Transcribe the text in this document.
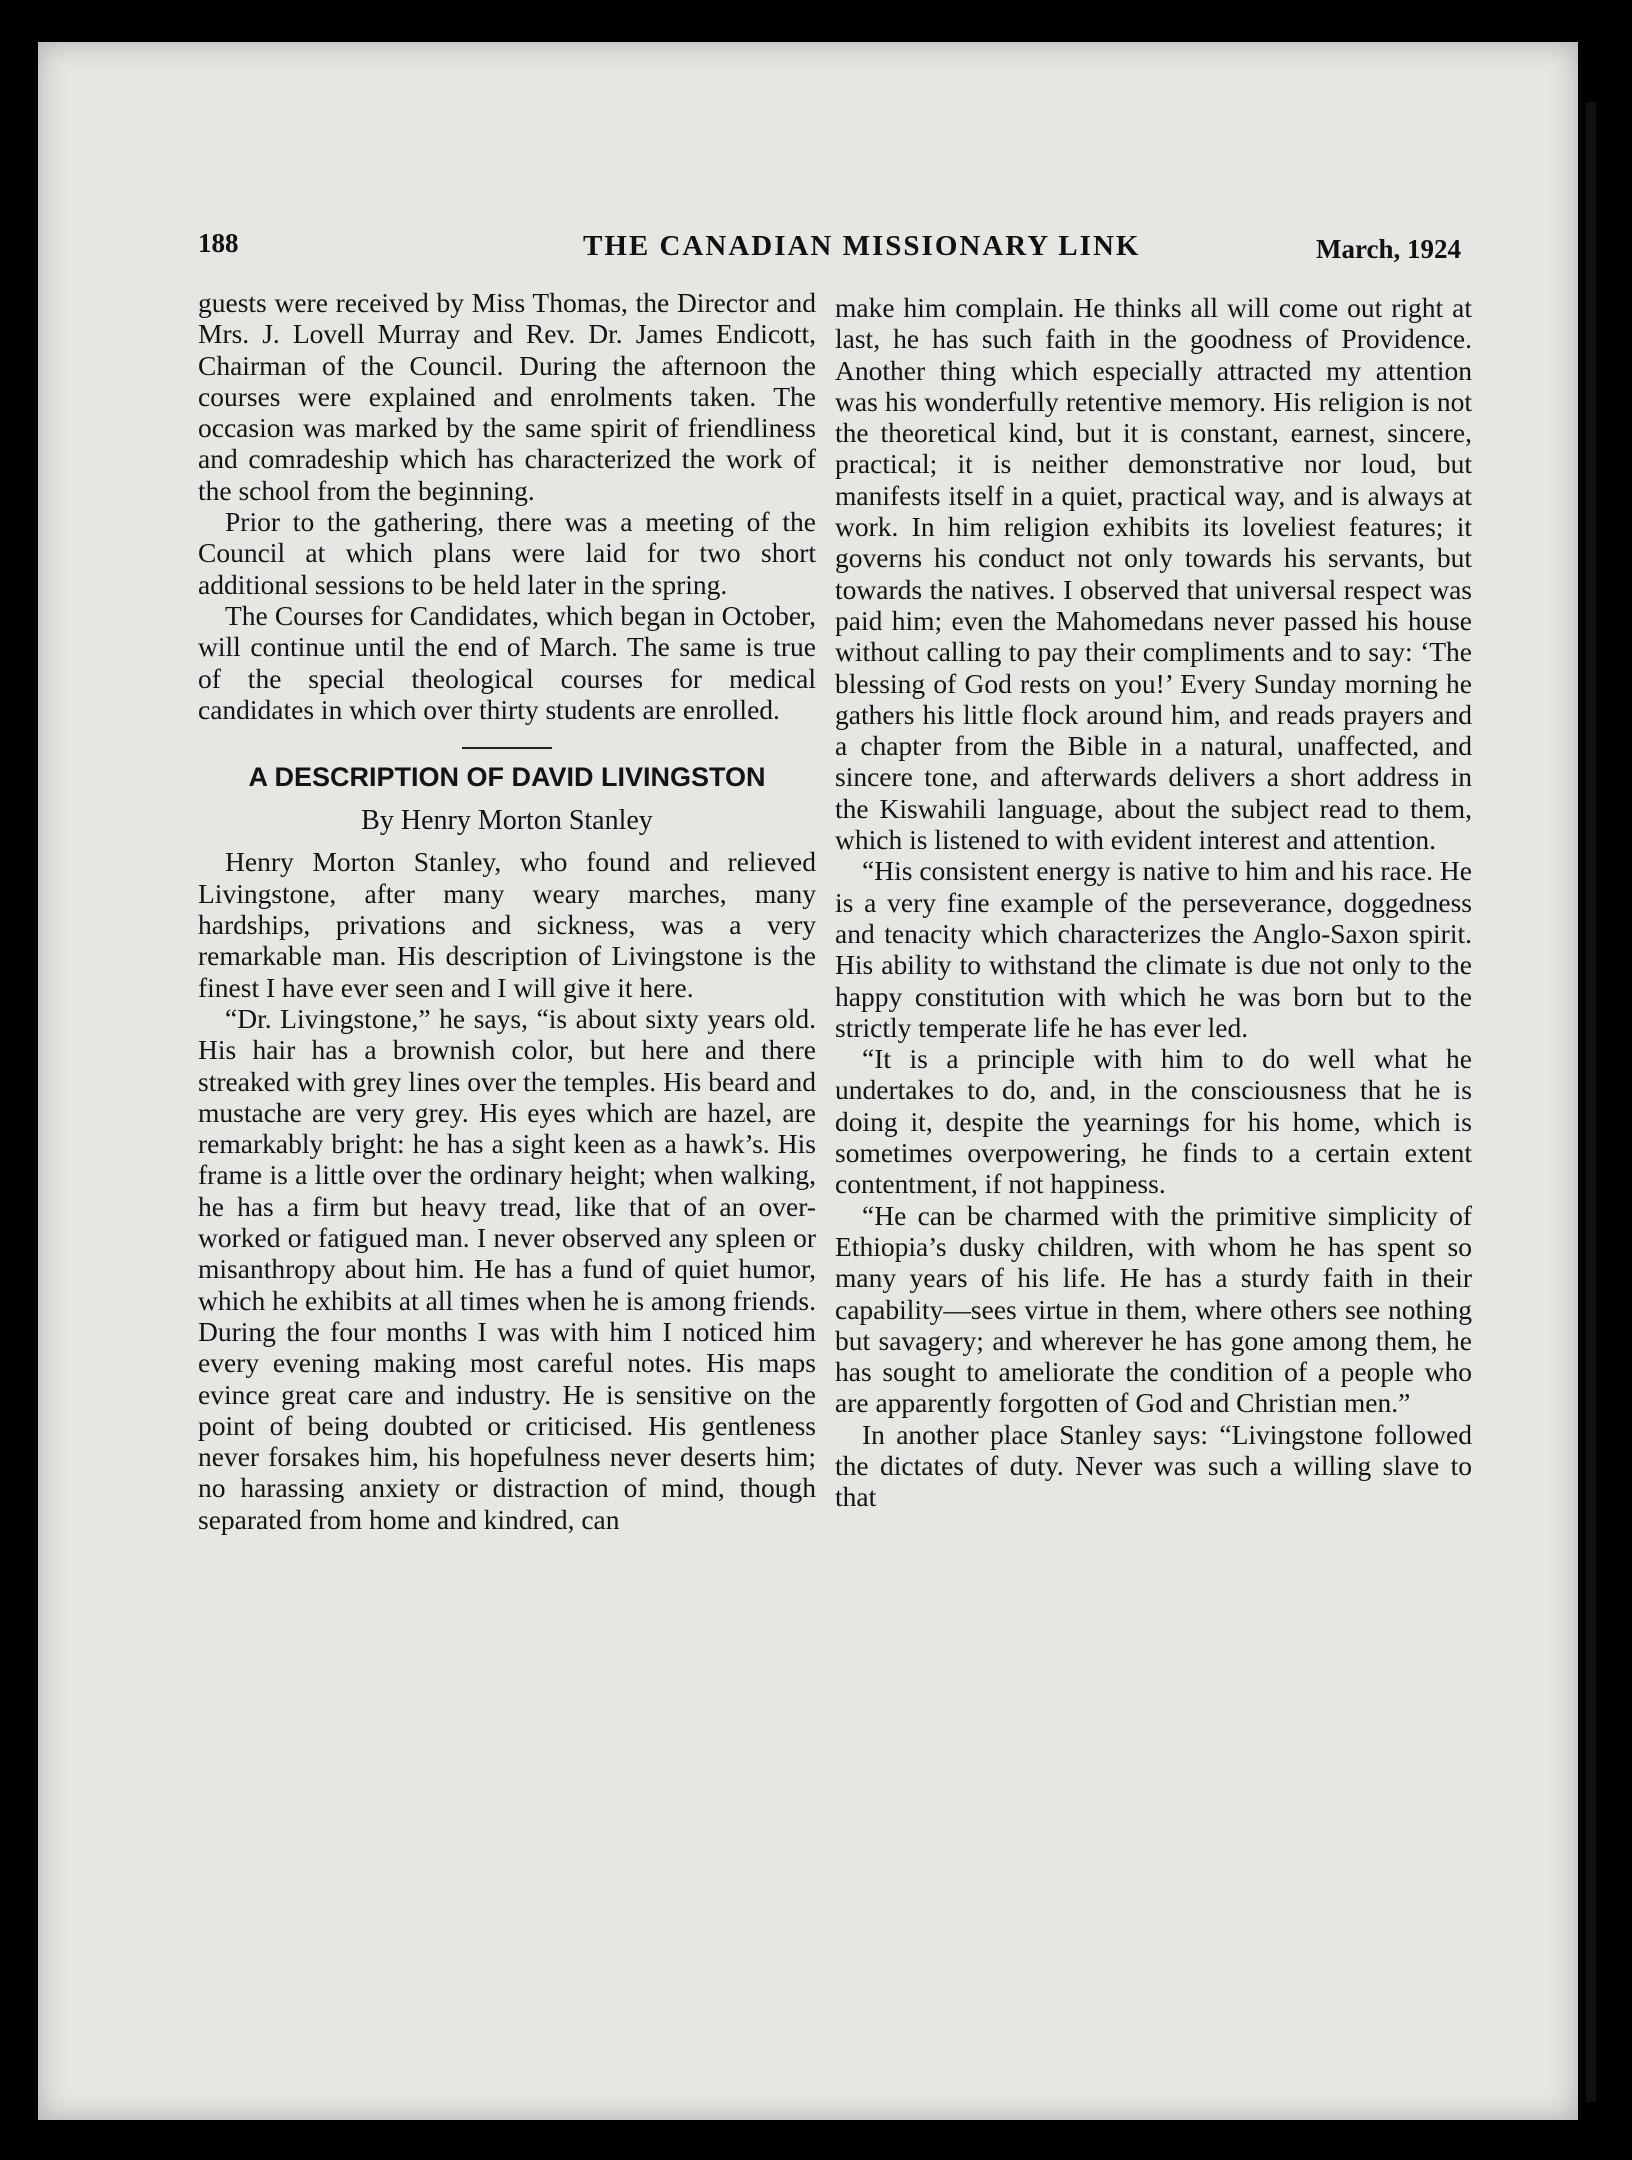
188	THE CANADIAN MISSIONARY LINK	March, 1924

guests were received by Miss Thomas, the Director and Mrs. J. Lovell Murray and Rev. Dr. James Endicott, Chairman of the Council. During the afternoon the courses were explained and enrolments taken. The occasion was marked by the same spirit of friendliness and comradeship which has characterized the work of the school from the beginning.

Prior to the gathering, there was a meeting of the Council at which plans were laid for two short additional sessions to be held later in the spring.

The Courses for Candidates, which began in October, will continue until the end of March. The same is true of the special theological courses for medical candidates in which over thirty students are enrolled.

A DESCRIPTION OF DAVID LIVINGSTON
By Henry Morton Stanley

Henry Morton Stanley, who found and relieved Livingstone, after many weary marches, many hardships, privations and sickness, was a very remarkable man. His description of Livingstone is the finest I have ever seen and I will give it here.

“Dr. Livingstone,” he says, “is about sixty years old. His hair has a brownish color, but here and there streaked with grey lines over the temples. His beard and mustache are very grey. His eyes which are hazel, are remarkably bright: he has a sight keen as a hawk’s. His frame is a little over the ordinary height; when walking, he has a firm but heavy tread, like that of an over-worked or fatigued man. I never observed any spleen or misanthropy about him. He has a fund of quiet humor, which he exhibits at all times when he is among friends. During the four months I was with him I noticed him every evening making most careful notes. His maps evince great care and industry. He is sensitive on the point of being doubted or criticised. His gentleness never forsakes him, his hopefulness never deserts him; no harassing anxiety or distraction of mind, though separated from home and kindred, can

make him complain. He thinks all will come out right at last, he has such faith in the goodness of Providence. Another thing which especially attracted my attention was his wonderfully retentive memory. His religion is not the theoretical kind, but it is constant, earnest, sincere, practical; it is neither demonstrative nor loud, but manifests itself in a quiet, practical way, and is always at work. In him religion exhibits its loveliest features; it governs his conduct not only towards his servants, but towards the natives. I observed that universal respect was paid him; even the Mahomedans never passed his house without calling to pay their compliments and to say: ‘The blessing of God rests on you!’ Every Sunday morning he gathers his little flock around him, and reads prayers and a chapter from the Bible in a natural, unaffected, and sincere tone, and afterwards delivers a short address in the Kiswahili language, about the subject read to them, which is listened to with evident interest and attention.

“His consistent energy is native to him and his race. He is a very fine example of the perseverance, doggedness and tenacity which characterizes the Anglo-Saxon spirit. His ability to withstand the climate is due not only to the happy constitution with which he was born but to the strictly temperate life he has ever led.

“It is a principle with him to do well what he undertakes to do, and, in the consciousness that he is doing it, despite the yearnings for his home, which is sometimes overpowering, he finds to a certain extent contentment, if not happiness.

“He can be charmed with the primitive simplicity of Ethiopia’s dusky children, with whom he has spent so many years of his life. He has a sturdy faith in their capability—sees virtue in them, where others see nothing but savagery; and wherever he has gone among them, he has sought to ameliorate the condition of a people who are apparently forgotten of God and Christian men.”

In another place Stanley says: “Livingstone followed the dictates of duty. Never was such a willing slave to that
